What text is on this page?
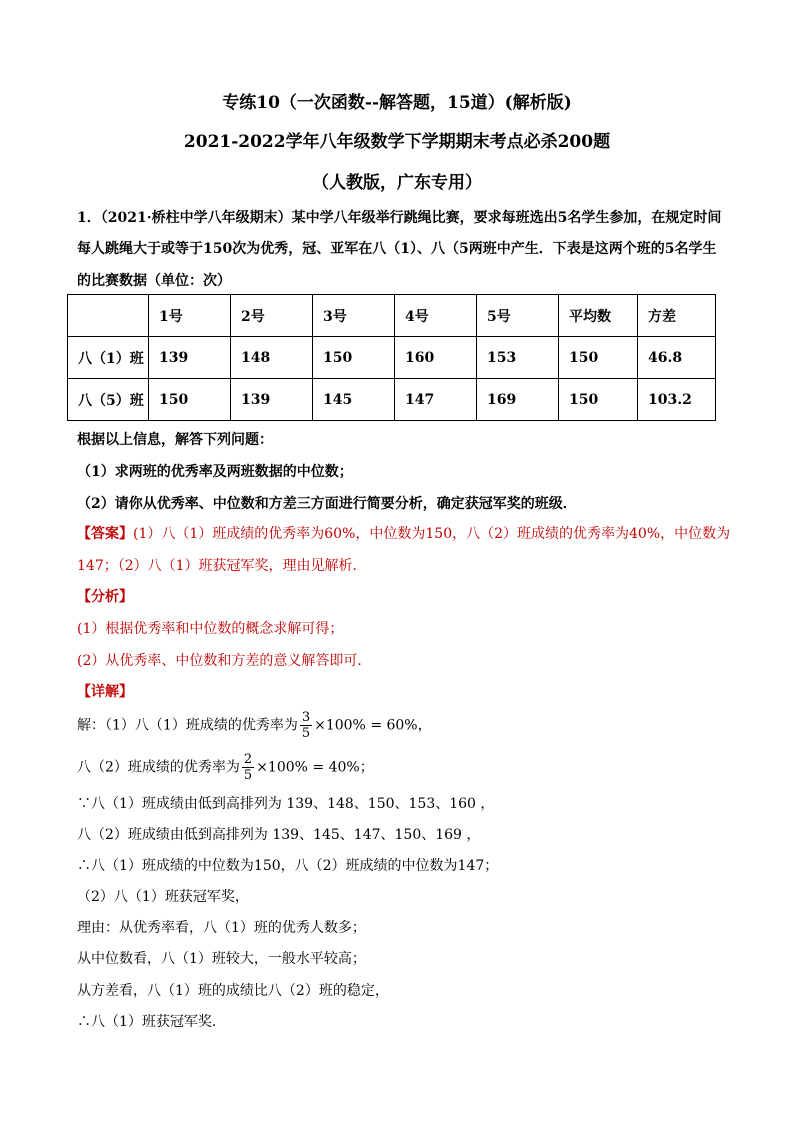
专练10（一次函数--解答题，15道）(解析版)
2021-2022学年八年级数学下学期期末考点必杀200题
（人教版，广东专用）
1．（2021·桥柱中学八年级期末）某中学八年级举行跳绳比赛，要求每班选出5名学生参加，在规定时间
每人跳绳大于或等于150次为优秀，冠、亚军在八（1）、八（5两班中产生．下表是这两个班的5名学生
的比赛数据（单位：次）
	1号	2号	3号	4号	5号	平均数	方差
八（1）班	139	148	150	160	153	150	46.8
八（5）班	150	139	145	147	169	150	103.2
根据以上信息，解答下列问题：
（1）求两班的优秀率及两班数据的中位数；
（2）请你从优秀率、中位数和方差三方面进行简要分析，确定获冠军奖的班级．
【答案】(1）八（1）班成绩的优秀率为60%，中位数为150，八（2）班成绩的优秀率为40%，中位数为
147；（2）八（1）班获冠军奖，理由见解析．
【分析】
(1）根据优秀率和中位数的概念求解可得；
(2）从优秀率、中位数和方差的意义解答即可．
【详解】
解：（1）八（1）班成绩的优秀率为 $\frac{3}{5} \times 100\% = 60\%$，
八（2）班成绩的优秀率为 $\frac{2}{5} \times 100\% = 40\%$；
∵八（1）班成绩由低到高排列为 139、148、150、153、160 ，
八（2）班成绩由低到高排列为 139、145、147、150、169 ，
∴八（1）班成绩的中位数为150，八（2）班成绩的中位数为147；
（2）八（1）班获冠军奖，
理由：从优秀率看，八（1）班的优秀人数多；
从中位数看，八（1）班较大，一般水平较高；
从方差看，八（1）班的成绩比八（2）班的稳定，
∴八（1）班获冠军奖．
